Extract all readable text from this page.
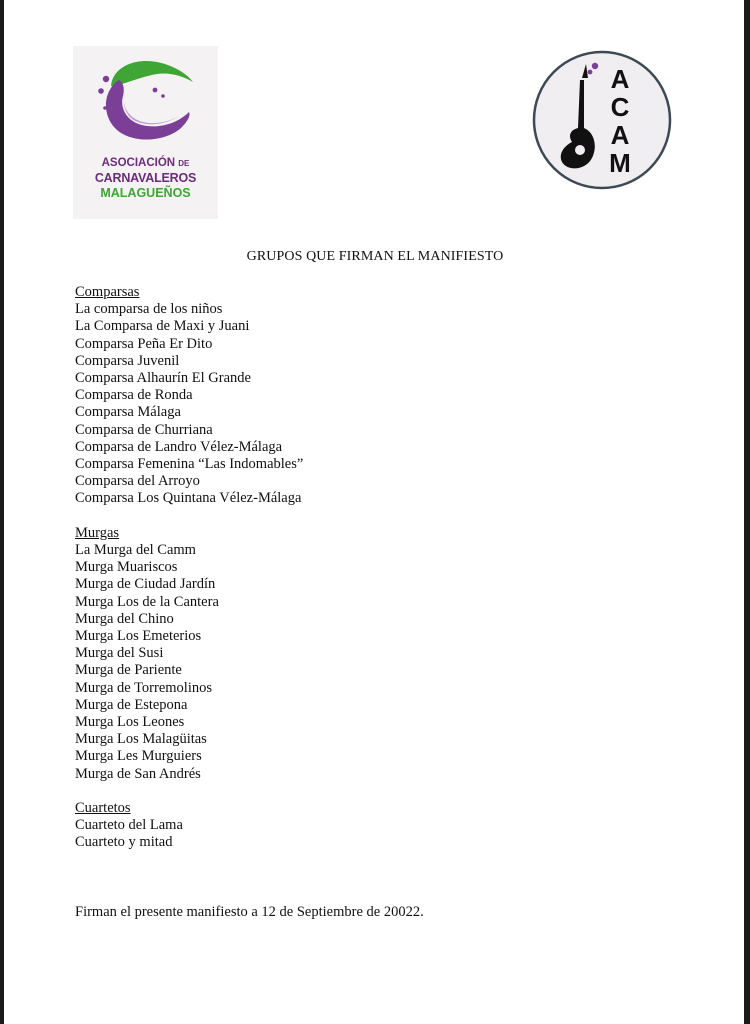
ASOCIACIÓN DE
CARNAVALEROS
MALAGUEÑOS
A
C
A
M
GRUPOS QUE FIRMAN EL MANIFIESTO
Comparsas
La comparsa de los niños
La Comparsa de Maxi y Juani
Comparsa Peña Er Dito
Comparsa Juvenil
Comparsa Alhaurín El Grande
Comparsa de Ronda
Comparsa Málaga
Comparsa de Churriana
Comparsa de Landro Vélez-Málaga
Comparsa Femenina “Las Indomables”
Comparsa del Arroyo
Comparsa Los Quintana Vélez-Málaga
Murgas
La Murga del Camm
Murga Muariscos
Murga de Ciudad Jardín
Murga Los de la Cantera
Murga del Chino
Murga Los Emeterios
Murga del Susi
Murga de Pariente
Murga de Torremolinos
Murga de Estepona
Murga Los Leones
Murga Los Malagüitas
Murga Les Murguiers
Murga de San Andrés
Cuartetos
Cuarteto del Lama
Cuarteto y mitad
Firman el presente manifiesto a 12 de Septiembre de 20022.
